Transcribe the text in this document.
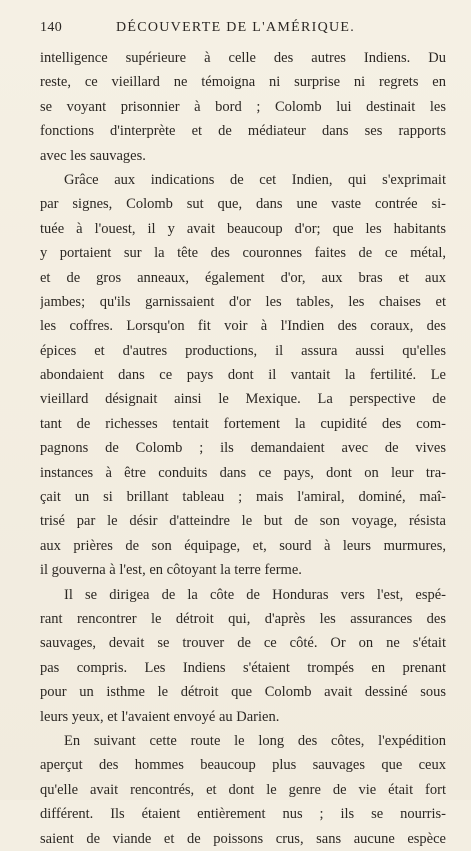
140	DÉCOUVERTE DE L'AMÉRIQUE.

intelligence supérieure à celle des autres Indiens. Du
reste, ce vieillard ne témoigna ni surprise ni regrets en
se voyant prisonnier à bord ; Colomb lui destinait les
fonctions d'interprète et de médiateur dans ses rapports
avec les sauvages.

Grâce aux indications de cet Indien, qui s'exprimait
par signes, Colomb sut que, dans une vaste contrée si-
tuée à l'ouest, il y avait beaucoup d'or; que les habitants
y portaient sur la tête des couronnes faites de ce métal,
et de gros anneaux, également d'or, aux bras et aux
jambes; qu'ils garnissaient d'or les tables, les chaises et
les coffres. Lorsqu'on fit voir à l'Indien des coraux, des
épices et d'autres productions, il assura aussi qu'elles
abondaient dans ce pays dont il vantait la fertilité. Le
vieillard désignait ainsi le Mexique. La perspective de
tant de richesses tentait fortement la cupidité des com-
pagnons de Colomb ; ils demandaient avec de vives
instances à être conduits dans ce pays, dont on leur tra-
çait un si brillant tableau ; mais l'amiral, dominé, maî-
trisé par le désir d'atteindre le but de son voyage, résista
aux prières de son équipage, et, sourd à leurs murmures,
il gouverna à l'est, en côtoyant la terre ferme.

Il se dirigea de la côte de Honduras vers l'est, espé-
rant rencontrer le détroit qui, d'après les assurances des
sauvages, devait se trouver de ce côté. Or on ne s'était
pas compris. Les Indiens s'étaient trompés en prenant
pour un isthme le détroit que Colomb avait dessiné sous
leurs yeux, et l'avaient envoyé au Darien.

En suivant cette route le long des côtes, l'expédition
aperçut des hommes beaucoup plus sauvages que ceux
qu'elle avait rencontrés, et dont le genre de vie était fort
différent. Ils étaient entièrement nus ; ils se nourris-
saient de viande et de poissons crus, sans aucune espèce
